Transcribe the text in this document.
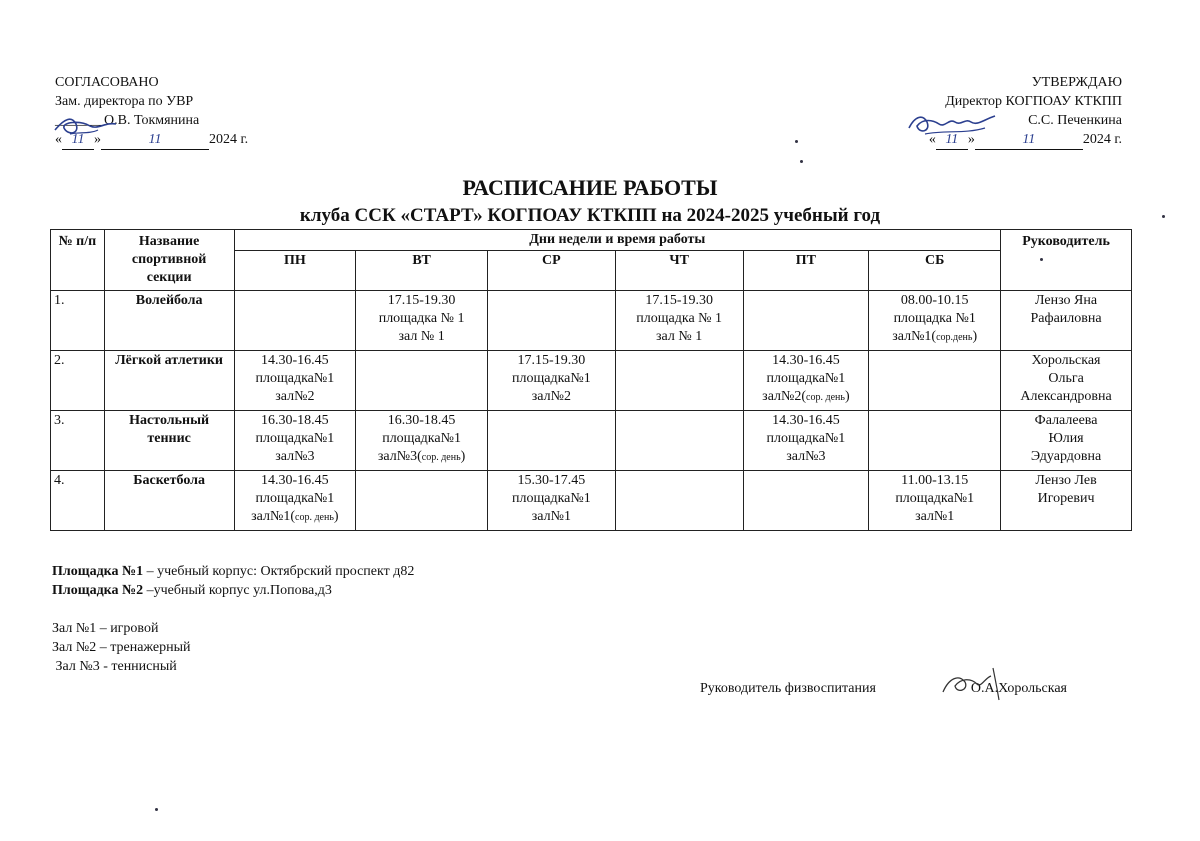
СОГЛАСОВАНО
Зам. директора по УВР
_______О.В. Токмянина
« 11 »	11	2024 г.
УТВЕРЖДАЮ
Директор КОГПОАУ КТКПП
С.С. Печенкина
« 11 »	11	2024 г.
РАСПИСАНИЕ РАБОТЫ
клуба ССК «СТАРТ» КОГПОАУ КТКПП на 2024-2025 учебный год
№ п/п	Название спортивной секции	Дни недели и время работы						Руководитель
		ПН	ВТ	СР	ЧТ	ПТ	СБ	
1.	Волейбола		17.15-19.30
площадка № 1
зал № 1		17.15-19.30
площадка № 1
зал № 1		08.00-10.15
площадка №1
зал№1(сор.день)	Лензо Яна
Рафаиловна
2.	Лёгкой атлетики	14.30-16.45
площадка№1
зал№2		17.15-19.30
площадка№1
зал№2		14.30-16.45
площадка№1
зал№2(сор. день)		Хорольская
Ольга
Александровна
3.	Настольный теннис	16.30-18.45
площадка№1
зал№3	16.30-18.45
площадка№1
зал№3(сор. день)			14.30-16.45
площадка№1
зал№3		Фалалеева
Юлия
Эдуардовна
4.	Баскетбола	14.30-16.45
площадка№1
зал№1(сор. день)		15.30-17.45
площадка№1
зал№1			11.00-13.15
площадка№1
зал№1	Лензо Лев
Игоревич
Площадка №1 – учебный корпус: Октябрский проспект д82
Площадка №2 –учебный корпус ул.Попова,д3
Зал №1 – игровой
Зал №2 – тренажерный
Зал №3 - теннисный
Руководитель физвоспитания	О.А.Хорольская
